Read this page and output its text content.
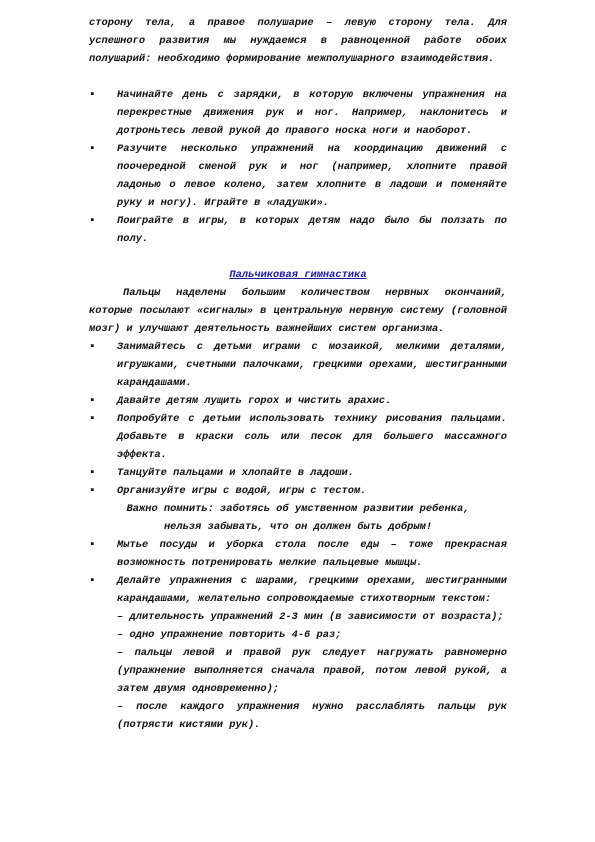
сторону тела, а правое полушарие – левую сторону тела. Для успешного развития мы нуждаемся в равноценной работе обоих полушарий: необходимо формирование межполушарного взаимодействия.

▪ Начинайте день с зарядки, в которую включены упражнения на перекрестные движения рук и ног. Например, наклонитесь и дотроньтесь левой рукой до правого носка ноги и наоборот.
▪ Разучите несколько упражнений на координацию движений с поочередной сменой рук и ног (например, хлопните правой ладонью о левое колено, затем хлопните в ладоши и поменяйте руку и ногу). Играйте в «ладушки».
▪ Поиграйте в игры, в которых детям надо было бы ползать по полу.

Пальчиковая гимнастика

Пальцы наделены большим количеством нервных окончаний, которые посылают «сигналы» в центральную нервную систему (головной мозг) и улучшают деятельность важнейших систем организма.

▪ Занимайтесь с детьми играми с мозаикой, мелкими деталями, игрушками, счетными палочками, грецкими орехами, шестигранными карандашами.
▪ Давайте детям лущить горох и чистить арахис.
▪ Попробуйте с детьми использовать технику рисования пальцами. Добавьте в краски соль или песок для большего массажного эффекта.
▪ Танцуйте пальцами и хлопайте в ладоши.
▪ Организуйте игры с водой, игры с тестом.

Важно помнить: заботясь об умственном развитии ребенка,

нельзя забывать, что он должен быть добрым!

▪ Мытье посуды и уборка стола после еды – тоже прекрасная возможность потренировать мелкие пальцевые мышцы.
▪ Делайте упражнения с шарами, грецкими орехами, шестигранными карандашами, желательно сопровождаемые стихотворным текстом:

– длительность упражнений 2-3 мин (в зависимости от возраста);

– одно упражнение повторить 4-6 раз;

– пальцы левой и правой рук следует нагружать равномерно (упражнение выполняется сначала правой, потом левой рукой, а затем двумя одновременно);

– после каждого упражнения нужно расслаблять пальцы рук (потрясти кистями рук).
